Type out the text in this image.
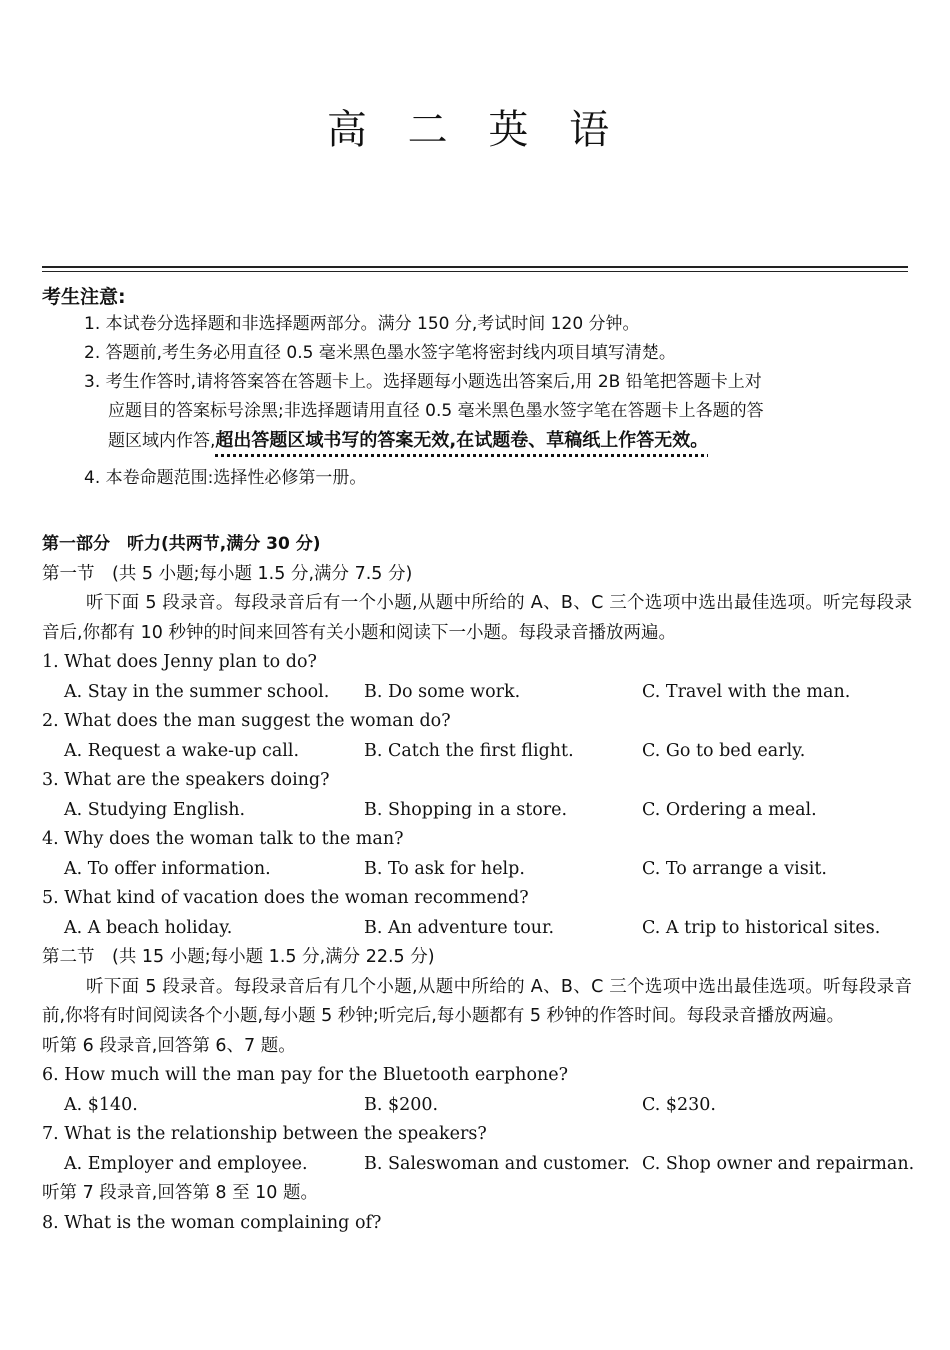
高 二 英 语
考生注意:
1. 本试卷分选择题和非选择题两部分。满分 150 分,考试时间 120 分钟。
2. 答题前,考生务必用直径 0.5 毫米黑色墨水签字笔将密封线内项目填写清楚。
3. 考生作答时,请将答案答在答题卡上。选择题每小题选出答案后,用 2B 铅笔把答题卡上对
应题目的答案标号涂黑;非选择题请用直径 0.5 毫米黑色墨水签字笔在答题卡上各题的答
题区域内作答,超出答题区域书写的答案无效,在试题卷、草稿纸上作答无效。
4. 本卷命题范围:选择性必修第一册。
第一部分　听力(共两节,满分 30 分)
第一节　(共 5 小题;每小题 1.5 分,满分 7.5 分)
听下面 5 段录音。每段录音后有一个小题,从题中所给的 A、B、C 三个选项中选出最佳选项。听完每段录音后,你都有 10 秒钟的时间来回答有关小题和阅读下一小题。每段录音播放两遍。
1. What does Jenny plan to do?
A. Stay in the summer school. B. Do some work.	C. Travel with the man.
2. What does the man suggest the woman do?
A. Request a wake-up call.	B. Catch the first flight.	C. Go to bed early.
3. What are the speakers doing?
A. Studying English.	B. Shopping in a store.	C. Ordering a meal.
4. Why does the woman talk to the man?
A. To offer information.	B. To ask for help.	C. To arrange a visit.
5. What kind of vacation does the woman recommend?
A. A beach holiday.	B. An adventure tour.	C. A trip to historical sites.
第二节　(共 15 小题;每小题 1.5 分,满分 22.5 分)
听下面 5 段录音。每段录音后有几个小题,从题中所给的 A、B、C 三个选项中选出最佳选项。听每段录音前,你将有时间阅读各个小题,每小题 5 秒钟;听完后,每小题都有 5 秒钟的作答时间。每段录音播放两遍。
听第 6 段录音,回答第 6、7 题。
6. How much will the man pay for the Bluetooth earphone?
A. $140.	B. $200.	C. $230.
7. What is the relationship between the speakers?
A. Employer and employee.	B. Saleswoman and customer. C. Shop owner and repairman.
听第 7 段录音,回答第 8 至 10 题。
8. What is the woman complaining of?
